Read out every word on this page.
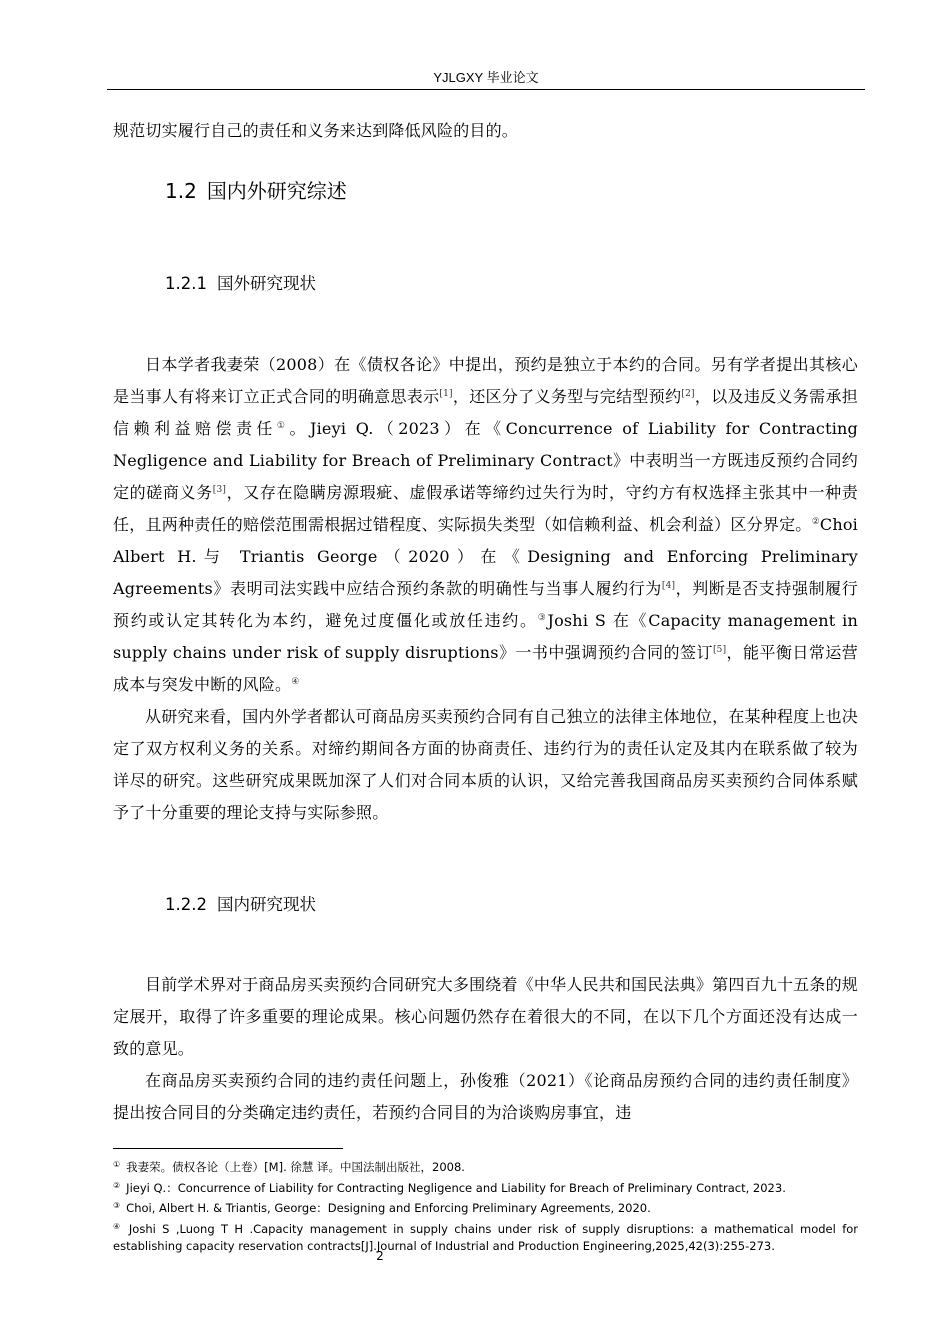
YJLGXY 毕业论文

规范切实履行自己的责任和义务来达到降低风险的目的。

1.2 国内外研究综述
1.2.1 国外研究现状

日本学者我妻荣（2008）在《债权各论》中提出，预约是独立于本约的合同。另有学者提出其核心是当事人有将来订立正式合同的明确意思表示[1]，还区分了义务型与完结型预约[2]，以及违反义务需承担信赖利益赔偿责任①。Jieyi Q.（2023）在《Concurrence of Liability for Contracting Negligence and Liability for Breach of Preliminary Contract》中表明当一方既违反预约合同约定的磋商义务[3]，又存在隐瞒房源瑕疵、虚假承诺等缔约过失行为时，守约方有权选择主张其中一种责任，且两种责任的赔偿范围需根据过错程度、实际损失类型（如信赖利益、机会利益）区分界定。②Choi Albert H.与 Triantis George（2020）在《Designing and Enforcing Preliminary Agreements》表明司法实践中应结合预约条款的明确性与当事人履约行为[4]，判断是否支持强制履行预约或认定其转化为本约，避免过度僵化或放任违约。③Joshi S 在《Capacity management in supply chains under risk of supply disruptions》一书中强调预约合同的签订[5]，能平衡日常运营成本与突发中断的风险。④

从研究来看，国内外学者都认可商品房买卖预约合同有自己独立的法律主体地位，在某种程度上也决定了双方权利义务的关系。对缔约期间各方面的协商责任、违约行为的责任认定及其内在联系做了较为详尽的研究。这些研究成果既加深了人们对合同本质的认识，又给完善我国商品房买卖预约合同体系赋予了十分重要的理论支持与实际参照。

1.2.2 国内研究现状

目前学术界对于商品房买卖预约合同研究大多围绕着《中华人民共和国民法典》第四百九十五条的规定展开，取得了许多重要的理论成果。核心问题仍然存在着很大的不同，在以下几个方面还没有达成一致的意见。

在商品房买卖预约合同的违约责任问题上，孙俊雅（2021）《论商品房预约合同的违约责任制度》提出按合同目的分类确定违约责任，若预约合同目的为洽谈购房事宜，违

① 我妻荣。债权各论（上卷）[M]. 徐慧 译。中国法制出版社，2008.

② Jieyi Q.：Concurrence of Liability for Contracting Negligence and Liability for Breach of Preliminary Contract, 2023.

③ Choi, Albert H. & Triantis, George：Designing and Enforcing Preliminary Agreements, 2020.

④ Joshi S ,Luong T H .Capacity management in supply chains under risk of supply disruptions: a mathematical model for establishing capacity reservation contracts[J].Journal of Industrial and Production Engineering,2025,42(3):255-273.

2
